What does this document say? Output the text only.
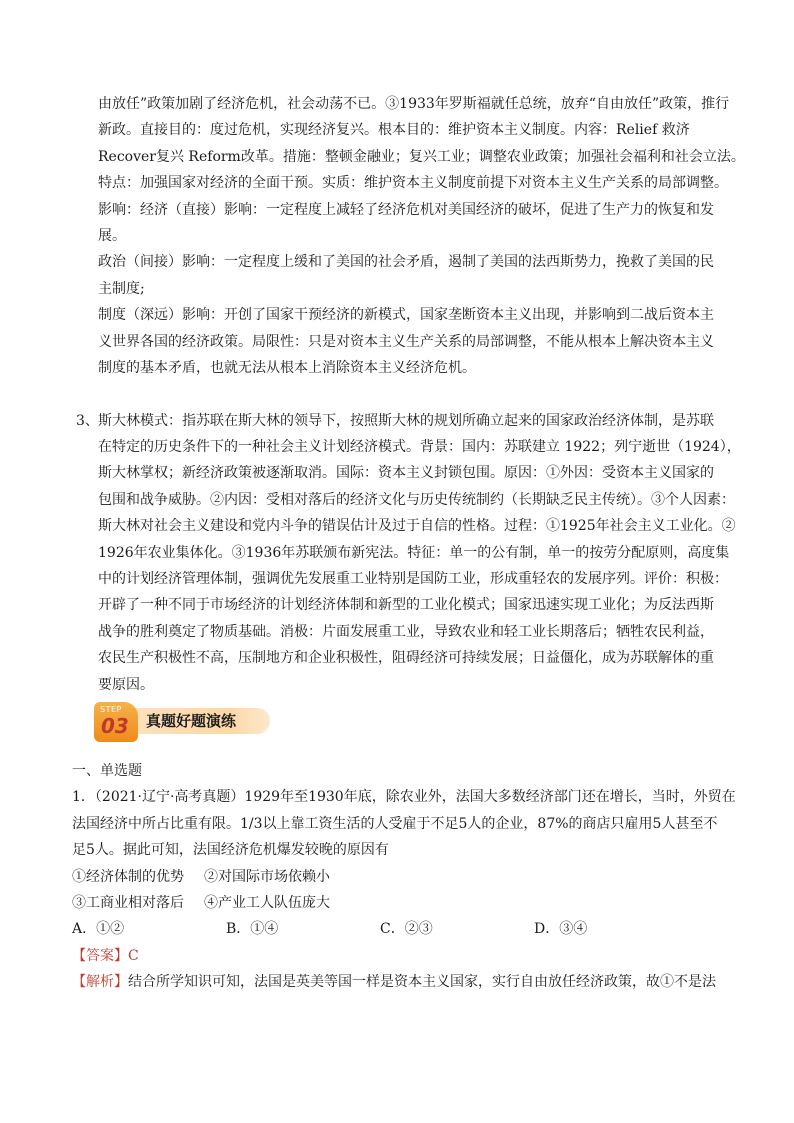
由放任”政策加剧了经济危机，社会动荡不已。③1933年罗斯福就任总统，放弃“自由放任”政策，推行
新政。直接目的：度过危机，实现经济复兴。根本目的：维护资本主义制度。内容：Relief 救济
Recover复兴 Reform改革。措施：整顿金融业；复兴工业；调整农业政策；加强社会福利和社会立法。
特点：加强国家对经济的全面干预。实质：维护资本主义制度前提下对资本主义生产关系的局部调整。
影响：经济（直接）影响：一定程度上减轻了经济危机对美国经济的破坏，促进了生产力的恢复和发
展。
政治（间接）影响：一定程度上缓和了美国的社会矛盾，遏制了美国的法西斯势力，挽救了美国的民
主制度;
制度（深远）影响：开创了国家干预经济的新模式，国家垄断资本主义出现，并影响到二战后资本主
义世界各国的经济政策。局限性：只是对资本主义生产关系的局部调整，不能从根本上解决资本主义
制度的基本矛盾，也就无法从根本上消除资本主义经济危机。
3、 斯大林模式：指苏联在斯大林的领导下，按照斯大林的规划所确立起来的国家政治经济体制，是苏联
在特定的历史条件下的一种社会主义计划经济模式。背景：国内：苏联建立 1922；列宁逝世（1924），
斯大林掌权；新经济政策被逐渐取消。国际：资本主义封锁包围。原因：①外因：受资本主义国家的
包围和战争威胁。②内因：受相对落后的经济文化与历史传统制约（长期缺乏民主传统）。③个人因素：
斯大林对社会主义建设和党内斗争的错误估计及过于自信的性格。过程：①1925年社会主义工业化。②
1926年农业集体化。③1936年苏联颁布新宪法。特征：单一的公有制，单一的按劳分配原则，高度集
中的计划经济管理体制，强调优先发展重工业特别是国防工业，形成重轻农的发展序列。评价：积极：
开辟了一种不同于市场经济的计划经济体制和新型的工业化模式；国家迅速实现工业化；为反法西斯
战争的胜利奠定了物质基础。消极：片面发展重工业，导致农业和轻工业长期落后；牺牲农民利益，
农民生产积极性不高，压制地方和企业积极性，阻碍经济可持续发展；日益僵化，成为苏联解体的重
要原因。
STEP
03 真题好题演练
一、单选题
1．（2021·辽宁·高考真题）1929年至1930年底，除农业外，法国大多数经济部门还在增长，当时，外贸在
法国经济中所占比重有限。1/3以上靠工资生活的人受雇于不足5人的企业，87%的商店只雇用5人甚至不
足5人。据此可知，法国经济危机爆发较晚的原因有
①经济体制的优势 ②对国际市场依赖小
③工商业相对落后 ④产业工人队伍庞大
A．①②	B．①④	C．②③	D．③④
【答案】C
【解析】结合所学知识可知，法国是英美等国一样是资本主义国家，实行自由放任经济政策，故①不是法
